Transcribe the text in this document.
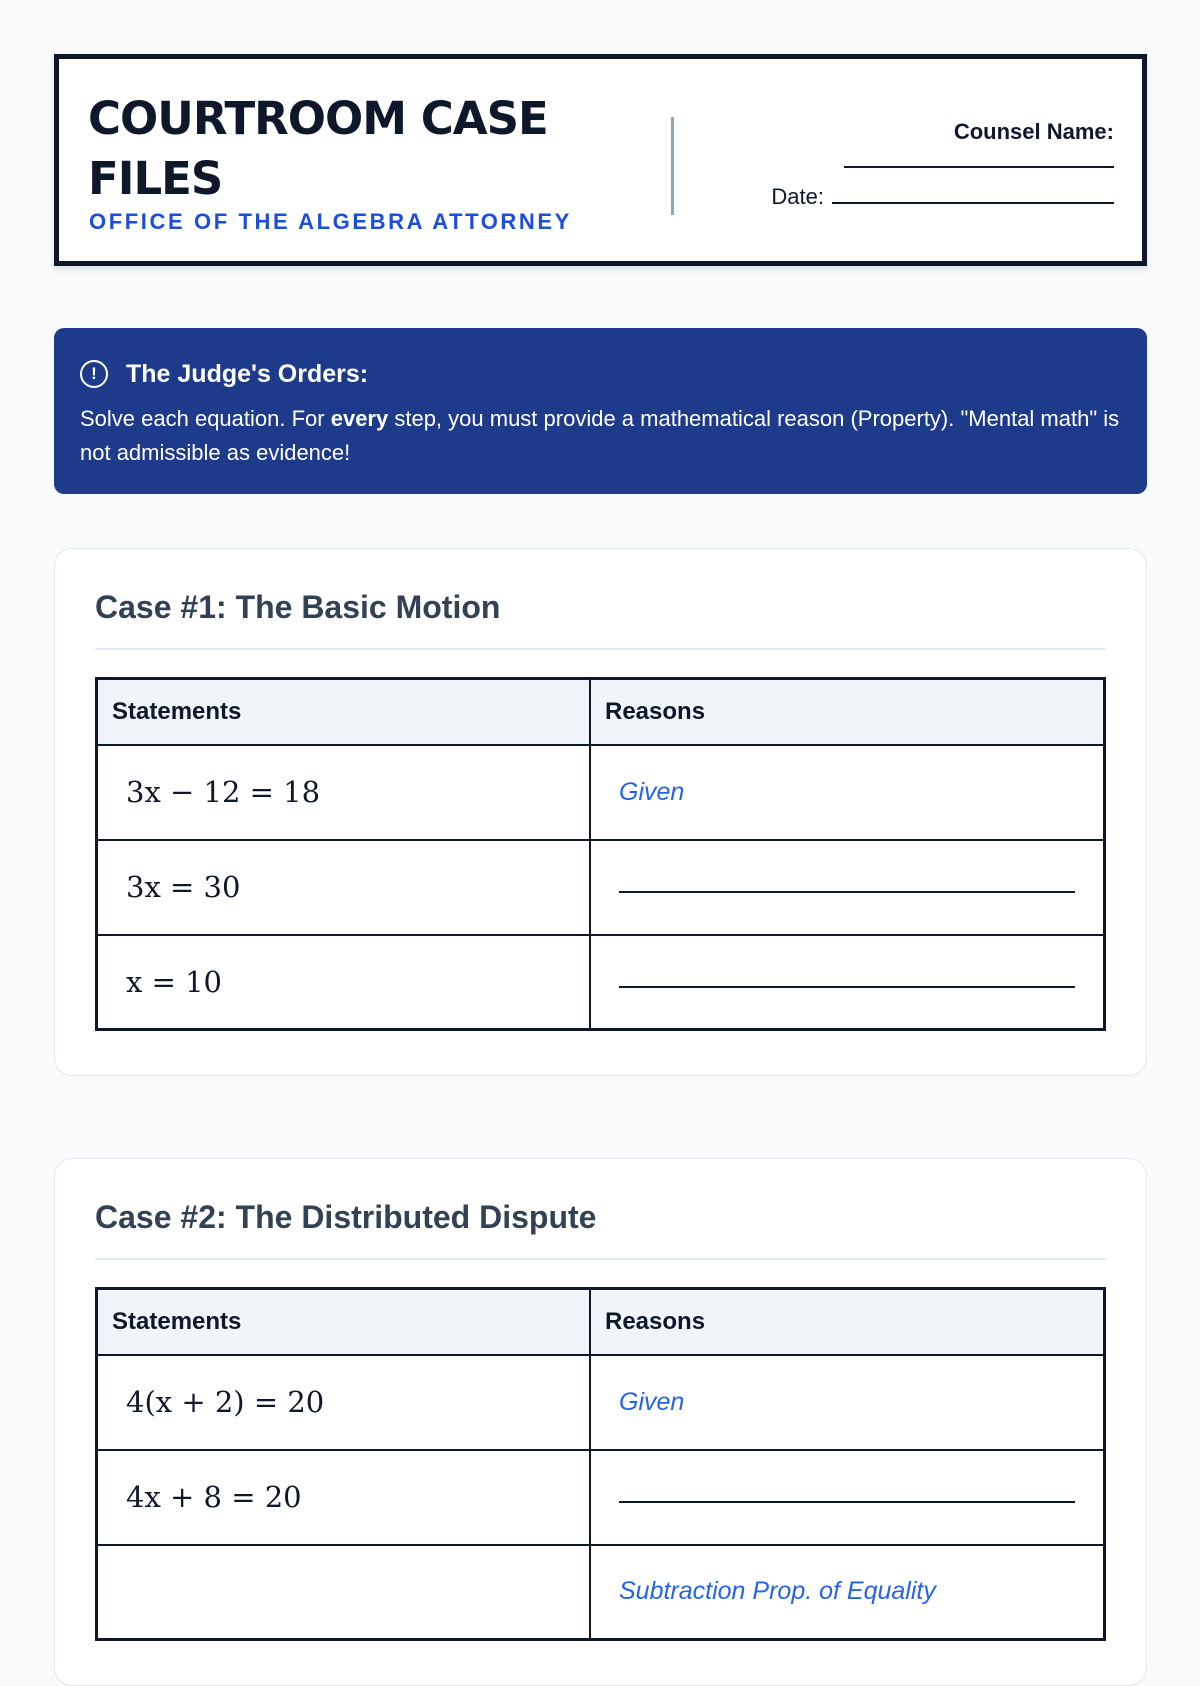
COURTROOM CASE FILES
OFFICE OF THE ALGEBRA ATTORNEY
Counsel Name:
Date:
!	The Judge's Orders:
Solve each equation. For every step, you must provide a mathematical reason (Property). "Mental math" is not admissible as evidence!
Case #1: The Basic Motion
Statements	Reasons
3x − 12 = 18	Given
3x = 30	

x = 10	
Case #2: The Distributed Dispute
Statements	Reasons
4(x + 2) = 20	Given
4x + 8 = 20	

	Subtraction Prop. of Equality
